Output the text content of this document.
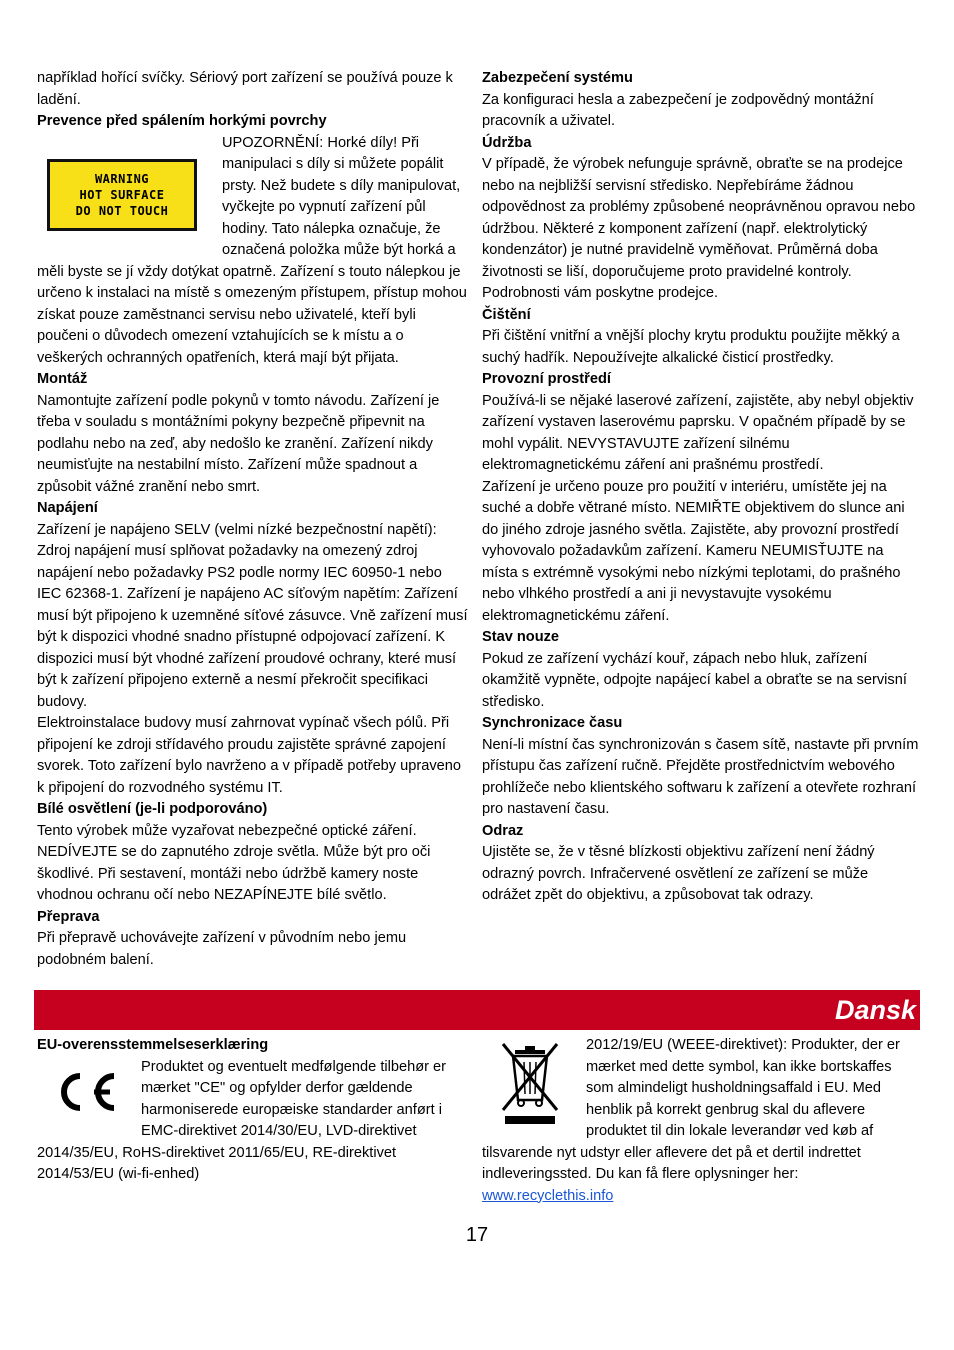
například hořící svíčky. Sériový port zařízení se používá pouze k ladění.

Prevence před spálením horkými povrchy

WARNING
HOT SURFACE
DO NOT TOUCH
UPOZORNĚNÍ: Horké díly! Při manipulaci s díly si můžete popálit prsty. Než budete s díly manipulovat, vyčkejte po vypnutí zařízení půl hodiny. Tato nálepka označuje, že označená položka může být horká a měli byste se jí vždy dotýkat opatrně. Zařízení s touto nálepkou je určeno k instalaci na místě s omezeným přístupem, přístup mohou získat pouze zaměstnanci servisu nebo uživatelé, kteří byli poučeni o důvodech omezení vztahujících se k místu a o veškerých ochranných opatřeních, která mají být přijata.

Montáž

Namontujte zařízení podle pokynů v tomto návodu. Zařízení je třeba v souladu s montážními pokyny bezpečně připevnit na podlahu nebo na zeď, aby nedošlo ke zranění. Zařízení nikdy neumisťujte na nestabilní místo. Zařízení může spadnout a způsobit vážné zranění nebo smrt.

Napájení

Zařízení je napájeno SELV (velmi nízké bezpečnostní napětí): Zdroj napájení musí splňovat požadavky na omezený zdroj napájení nebo požadavky PS2 podle normy IEC 60950-1 nebo IEC 62368-1. Zařízení je napájeno AC síťovým napětím: Zařízení musí být připojeno k uzemněné síťové zásuvce. Vně zařízení musí být k dispozici vhodné snadno přístupné odpojovací zařízení. K dispozici musí být vhodné zařízení proudové ochrany, které musí být k zařízení připojeno externě a nesmí překročit specifikaci budovy.

Elektroinstalace budovy musí zahrnovat vypínač všech pólů. Při připojení ke zdroji střídavého proudu zajistěte správné zapojení svorek. Toto zařízení bylo navrženo a v případě potřeby upraveno k připojení do rozvodného systému IT.

Bílé osvětlení (je-li podporováno)

Tento výrobek může vyzařovat nebezpečné optické záření. NEDÍVEJTE se do zapnutého zdroje světla. Může být pro oči škodlivé. Při sestavení, montáži nebo údržbě kamery noste vhodnou ochranu očí nebo NEZAPÍNEJTE bílé světlo.

Přeprava

Při přepravě uchovávejte zařízení v původním nebo jemu podobném balení.

Zabezpečení systému

Za konfiguraci hesla a zabezpečení je zodpovědný montážní pracovník a uživatel.

Údržba

V případě, že výrobek nefunguje správně, obraťte se na prodejce

nebo na nejbližší servisní středisko. Nepřebíráme žádnou odpovědnost za problémy způsobené neoprávněnou opravou nebo údržbou. Některé z komponent zařízení (např. elektrolytický kondenzátor) je nutné pravidelně vyměňovat. Průměrná doba životnosti se liší, doporučujeme proto pravidelné kontroly. Podrobnosti vám poskytne prodejce.

Čištění

Při čištění vnitřní a vnější plochy krytu produktu použijte měkký a suchý hadřík. Nepoužívejte alkalické čisticí prostředky.

Provozní prostředí

Používá-li se nějaké laserové zařízení, zajistěte, aby nebyl objektiv zařízení vystaven laserovému paprsku. V opačném případě by se mohl vypálit. NEVYSTAVUJTE zařízení silnému elektromagnetickému záření ani prašnému prostředí.

Zařízení je určeno pouze pro použití v interiéru, umístěte jej na suché a dobře větrané místo. NEMIŘTE objektivem do slunce ani do jiného zdroje jasného světla. Zajistěte, aby provozní prostředí vyhovovalo požadavkům zařízení. Kameru NEUMISŤUJTE na místa s extrémně vysokými nebo nízkými teplotami, do prašného nebo vlhkého prostředí a ani ji nevystavujte vysokému elektromagnetickému záření.

Stav nouze

Pokud ze zařízení vychází kouř, zápach nebo hluk, zařízení okamžitě vypněte, odpojte napájecí kabel a obraťte se na servisní středisko.

Synchronizace času

Není-li místní čas synchronizován s časem sítě, nastavte při prvním přístupu čas zařízení ručně. Přejděte prostřednictvím webového prohlížeče nebo klientského softwaru k zařízení a otevřete rozhraní pro nastavení času.

Odraz

Ujistěte se, že v těsné blízkosti objektivu zařízení není žádný odrazný povrch. Infračervené osvětlení ze zařízení se může odrážet zpět do objektivu, a způsobovat tak odrazy.

Dansk

EU-overensstemmelseserklæring

Produktet og eventuelt medfølgende tilbehør er mærket "CE" og opfylder derfor gældende harmoniserede europæiske standarder anført i EMC-direktivet 2014/30/EU, LVD-direktivet 2014/35/EU, RoHS-direktivet 2011/65/EU, RE-direktivet 2014/53/EU (wi-fi-enhed)

2012/19/EU (WEEE-direktivet): Produkter, der er mærket med dette symbol, kan ikke bortskaffes som almindeligt husholdningsaffald i EU. Med henblik på korrekt genbrug skal du aflevere produktet til din lokale leverandør ved køb af tilsvarende nyt udstyr eller aflevere det på et dertil indrettet indleveringssted. Du kan få flere oplysninger her: www.recyclethis.info

17
